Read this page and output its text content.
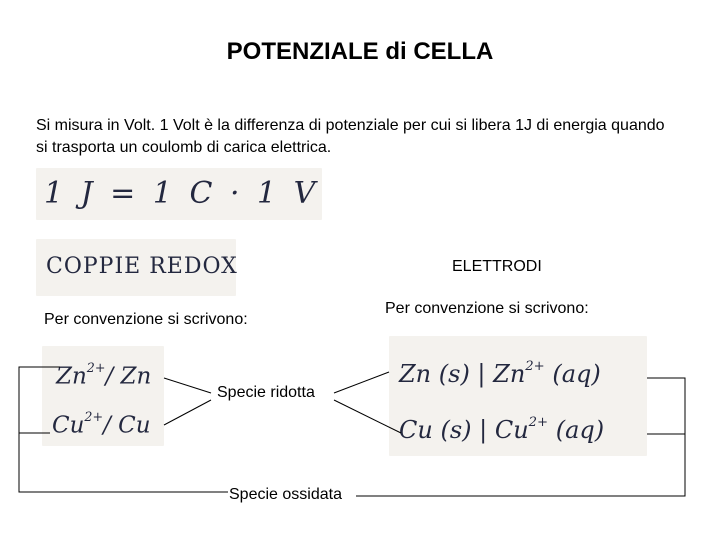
POTENZIALE di CELLA
Si misura in Volt. 1 Volt è la differenza di potenziale per cui si libera 1J di energia quando si trasporta un coulomb di carica elettrica.
1 J = 1 C · 1 V
COPPIE REDOX	ELETTRODI
Per convenzione si scrivono:
Per convenzione si scrivono:
$Zn^{2+}/$ Zn
$Cu^{2+}/$ Cu
Zn (s) | $Zn^{2+}$ (aq)
Cu (s) | $Cu^{2+}$ (aq)
Specie ridotta
Specie ossidata
